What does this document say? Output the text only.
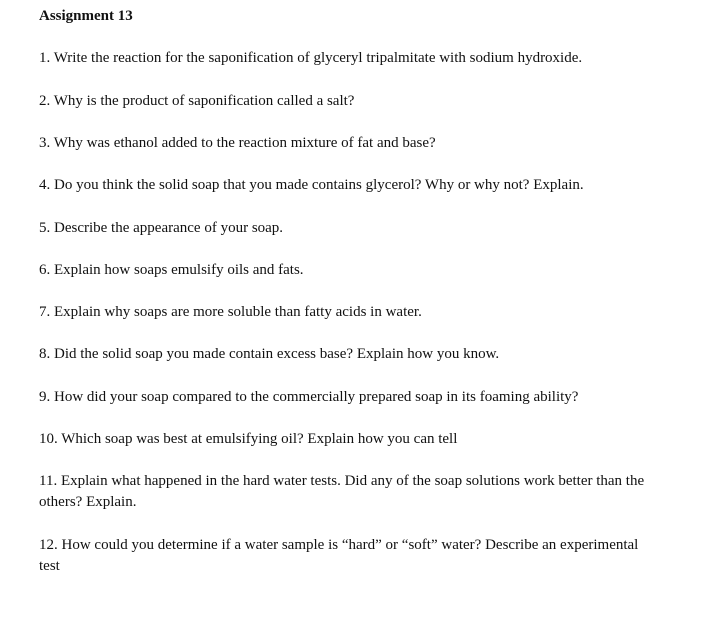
Assignment 13
1. Write the reaction for the saponification of glyceryl tripalmitate with sodium hydroxide.
2. Why is the product of saponification called a salt?
3. Why was ethanol added to the reaction mixture of fat and base?
4. Do you think the solid soap that you made contains glycerol? Why or why not? Explain.
5. Describe the appearance of your soap.
6. Explain how soaps emulsify oils and fats.
7. Explain why soaps are more soluble than fatty acids in water.
8. Did the solid soap you made contain excess base? Explain how you know.
9. How did your soap compared to the commercially prepared soap in its foaming ability?
10. Which soap was best at emulsifying oil? Explain how you can tell
11. Explain what happened in the hard water tests. Did any of the soap solutions work better than the others? Explain.
12. How could you determine if a water sample is “hard” or “soft” water? Describe an experimental test
